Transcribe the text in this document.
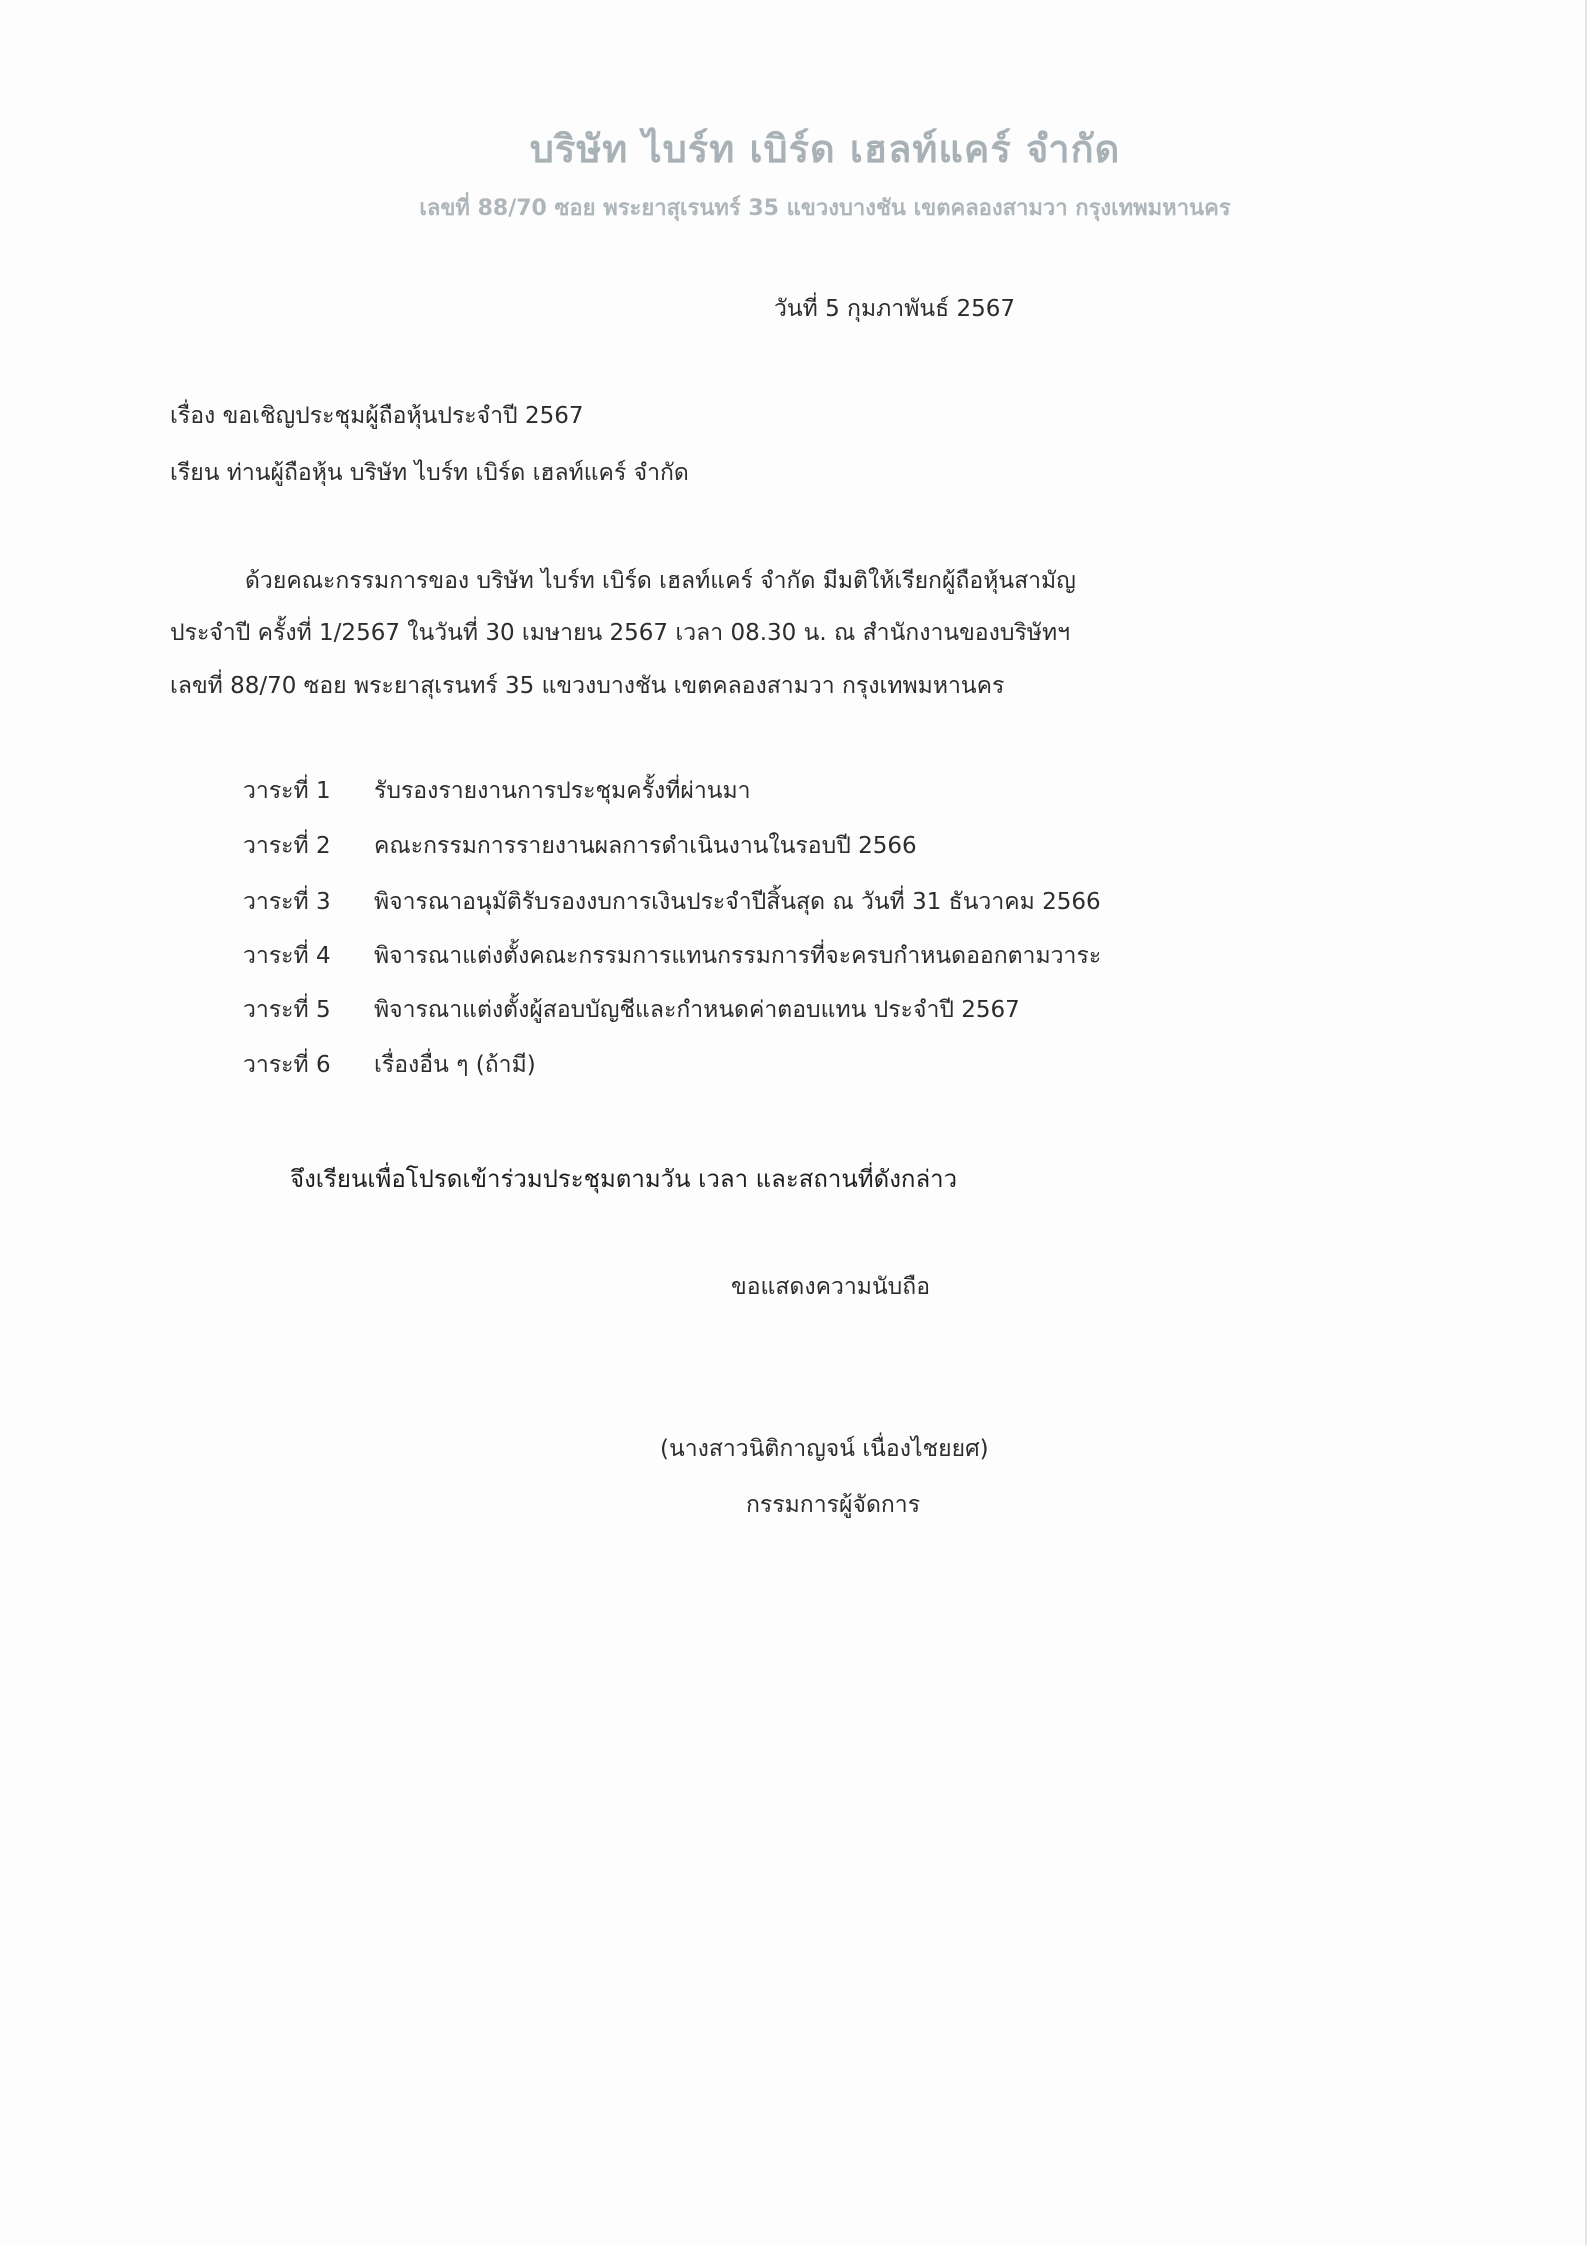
บริษัท ไบร์ท เบิร์ด เฮลท์แคร์ จำกัด
เลขที่ 88/70 ซอย พระยาสุเรนทร์ 35 แขวงบางชัน เขตคลองสามวา กรุงเทพมหานคร
วันที่ 5 กุมภาพันธ์ 2567
เรื่อง ขอเชิญประชุมผู้ถือหุ้นประจำปี 2567
เรียน ท่านผู้ถือหุ้น บริษัท ไบร์ท เบิร์ด เฮลท์แคร์ จำกัด
ด้วยคณะกรรมการของ บริษัท ไบร์ท เบิร์ด เฮลท์แคร์ จำกัด มีมติให้เรียกผู้ถือหุ้นสามัญ
ประจำปี ครั้งที่ 1/2567 ในวันที่ 30 เมษายน 2567 เวลา 08.30 น. ณ สำนักงานของบริษัทฯ
เลขที่ 88/70 ซอย พระยาสุเรนทร์ 35 แขวงบางชัน เขตคลองสามวา กรุงเทพมหานคร
วาระที่ 1 รับรองรายงานการประชุมครั้งที่ผ่านมา
วาระที่ 2 คณะกรรมการรายงานผลการดำเนินงานในรอบปี 2566
วาระที่ 3 พิจารณาอนุมัติรับรองงบการเงินประจำปีสิ้นสุด ณ วันที่ 31 ธันวาคม 2566
วาระที่ 4 พิจารณาแต่งตั้งคณะกรรมการแทนกรรมการที่จะครบกำหนดออกตามวาระ
วาระที่ 5 พิจารณาแต่งตั้งผู้สอบบัญชีและกำหนดค่าตอบแทน ประจำปี 2567
วาระที่ 6 เรื่องอื่น ๆ (ถ้ามี)
จึงเรียนเพื่อโปรดเข้าร่วมประชุมตามวัน เวลา และสถานที่ดังกล่าว
ขอแสดงความนับถือ
(นางสาวนิติกาญจน์ เนื่องไชยยศ)
กรรมการผู้จัดการ
